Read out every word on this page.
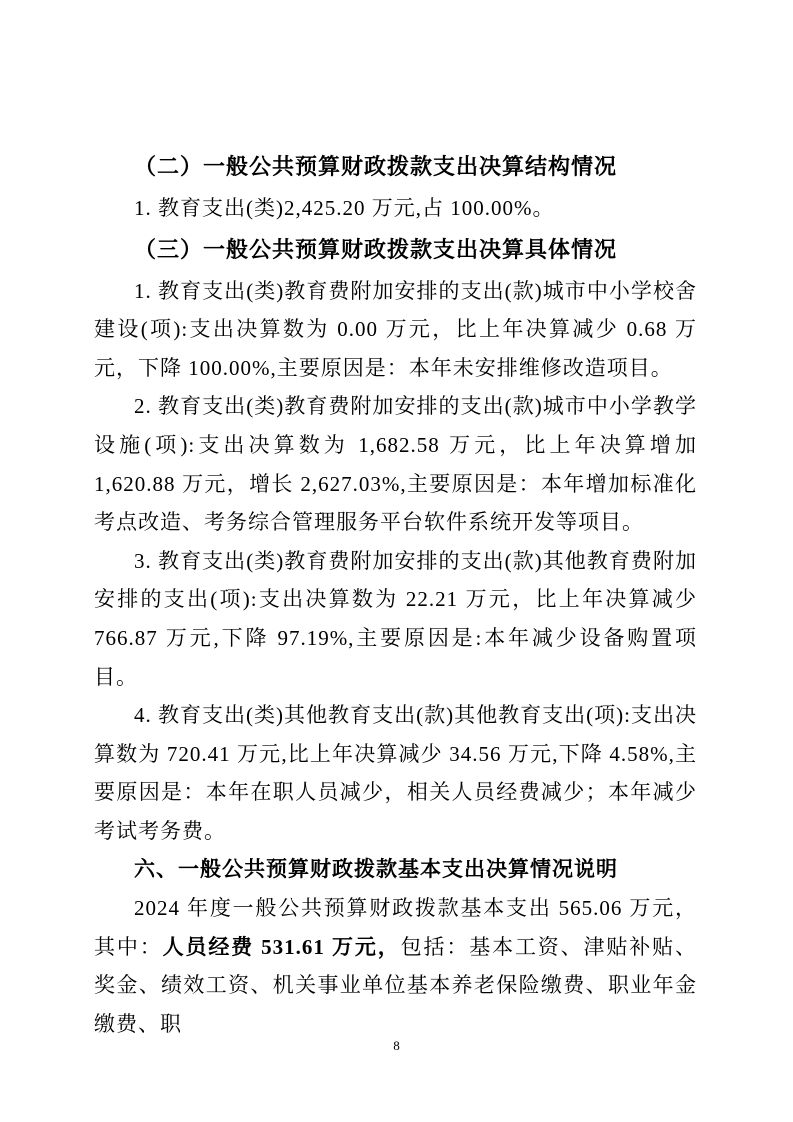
（二）一般公共预算财政拨款支出决算结构情况

1. 教育支出(类)2,425.20 万元,占 100.00%。

（三）一般公共预算财政拨款支出决算具体情况

1. 教育支出(类)教育费附加安排的支出(款)城市中小学校舍建设(项):支出决算数为 0.00 万元，比上年决算减少 0.68 万元，下降 100.00%,主要原因是：本年未安排维修改造项目。

2. 教育支出(类)教育费附加安排的支出(款)城市中小学教学设施(项):支出决算数为 1,682.58 万元，比上年决算增加 1,620.88 万元，增长 2,627.03%,主要原因是：本年增加标准化考点改造、考务综合管理服务平台软件系统开发等项目。

3. 教育支出(类)教育费附加安排的支出(款)其他教育费附加安排的支出(项):支出决算数为 22.21 万元，比上年决算减少 766.87 万元,下降 97.19%,主要原因是:本年减少设备购置项目。

4. 教育支出(类)其他教育支出(款)其他教育支出(项):支出决算数为 720.41 万元,比上年决算减少 34.56 万元,下降 4.58%,主要原因是：本年在职人员减少，相关人员经费减少；本年减少考试考务费。

六、一般公共预算财政拨款基本支出决算情况说明

2024 年度一般公共预算财政拨款基本支出 565.06 万元，其中：人员经费 531.61 万元，包括：基本工资、津贴补贴、奖金、绩效工资、机关事业单位基本养老保险缴费、职业年金缴费、职

8
